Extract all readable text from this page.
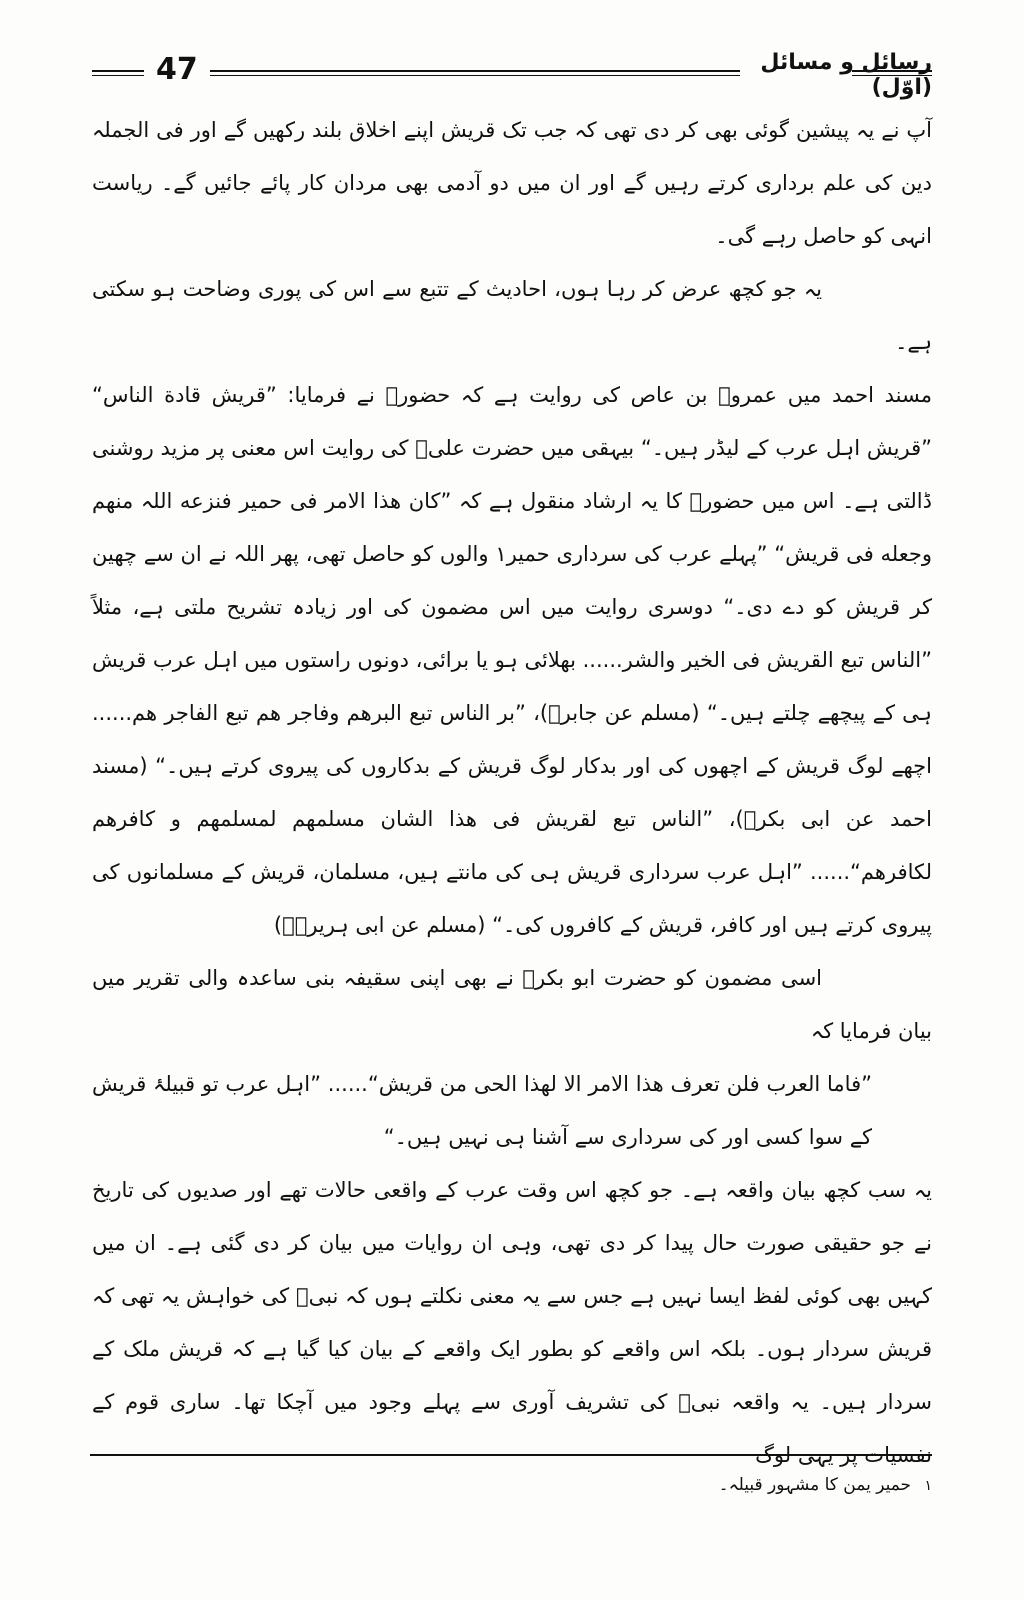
47	رسائل و مسائل (اوّل)

آپ نے یہ پیشین گوئی بھی کر دی تھی کہ جب تک قریش اپنے اخلاق بلند رکھیں گے اور فی الجملہ دین کی علم برداری کرتے رہیں گے اور ان میں دو آدمی بھی مردان کار پائے جائیں گے۔ ریاست انہی کو حاصل رہے گی۔

یہ جو کچھ عرض کر رہا ہوں، احادیث کے تتبع سے اس کی پوری وضاحت ہو سکتی ہے۔

مسند احمد میں عمروؓ بن عاص کی روایت ہے کہ حضورؐ نے فرمایا: ”قریش قادة الناس“ ”قریش اہل عرب کے لیڈر ہیں۔“ بیہقی میں حضرت علیؓ کی روایت اس معنی پر مزید روشنی ڈالتی ہے۔ اس میں حضورؐ کا یہ ارشاد منقول ہے کہ ”کان ھذا الامر فی حمیر فنزعه اللہ منھم وجعله فی قریش“ ”پہلے عرب کی سرداری حمیر۱ والوں کو حاصل تھی، پھر اللہ نے ان سے چھین کر قریش کو دے دی۔“ دوسری روایت میں اس مضمون کی اور زیادہ تشریح ملتی ہے، مثلاً ”الناس تبع القریش فی الخیر والشر...... بھلائی ہو یا برائی، دونوں راستوں میں اہل عرب قریش ہی کے پیچھے چلتے ہیں۔“ (مسلم عن جابرؓ)، ”بر الناس تبع البرھم وفاجر ھم تبع الفاجر ھم...... اچھے لوگ قریش کے اچھوں کی اور بدکار لوگ قریش کے بدکاروں کی پیروی کرتے ہیں۔“ (مسند احمد عن ابی بکرؓ)، ”الناس تبع لقریش فی ھذا الشان مسلمھم لمسلمھم و کافرھم لکافرھم“...... ”اہل عرب سرداری قریش ہی کی مانتے ہیں، مسلمان، قریش کے مسلمانوں کی پیروی کرتے ہیں اور کافر، قریش کے کافروں کی۔“ (مسلم عن ابی ہریرہؓ)

اسی مضمون کو حضرت ابو بکرؓ نے بھی اپنی سقیفہ بنی ساعدہ والی تقریر میں بیان فرمایا کہ

”فاما العرب فلن تعرف ھذا الامر الا لھذا الحی من قریش“...... ”اہل عرب تو قبیلۂ قریش کے سوا کسی اور کی سرداری سے آشنا ہی نہیں ہیں۔“

یہ سب کچھ بیان واقعہ ہے۔ جو کچھ اس وقت عرب کے واقعی حالات تھے اور صدیوں کی تاریخ نے جو حقیقی صورت حال پیدا کر دی تھی، وہی ان روایات میں بیان کر دی گئی ہے۔ ان میں کہیں بھی کوئی لفظ ایسا نہیں ہے جس سے یہ معنی نکلتے ہوں کہ نبیؐ کی خواہش یہ تھی کہ قریش سردار ہوں۔ بلکہ اس واقعے کو بطور ایک واقعے کے بیان کیا گیا ہے کہ قریش ملک کے سردار ہیں۔ یہ واقعہ نبیؐ کی تشریف آوری سے پہلے وجود میں آچکا تھا۔ ساری قوم کے نفسیات پر یہی لوگ

۱ حمیر یمن کا مشہور قبیلہ۔
